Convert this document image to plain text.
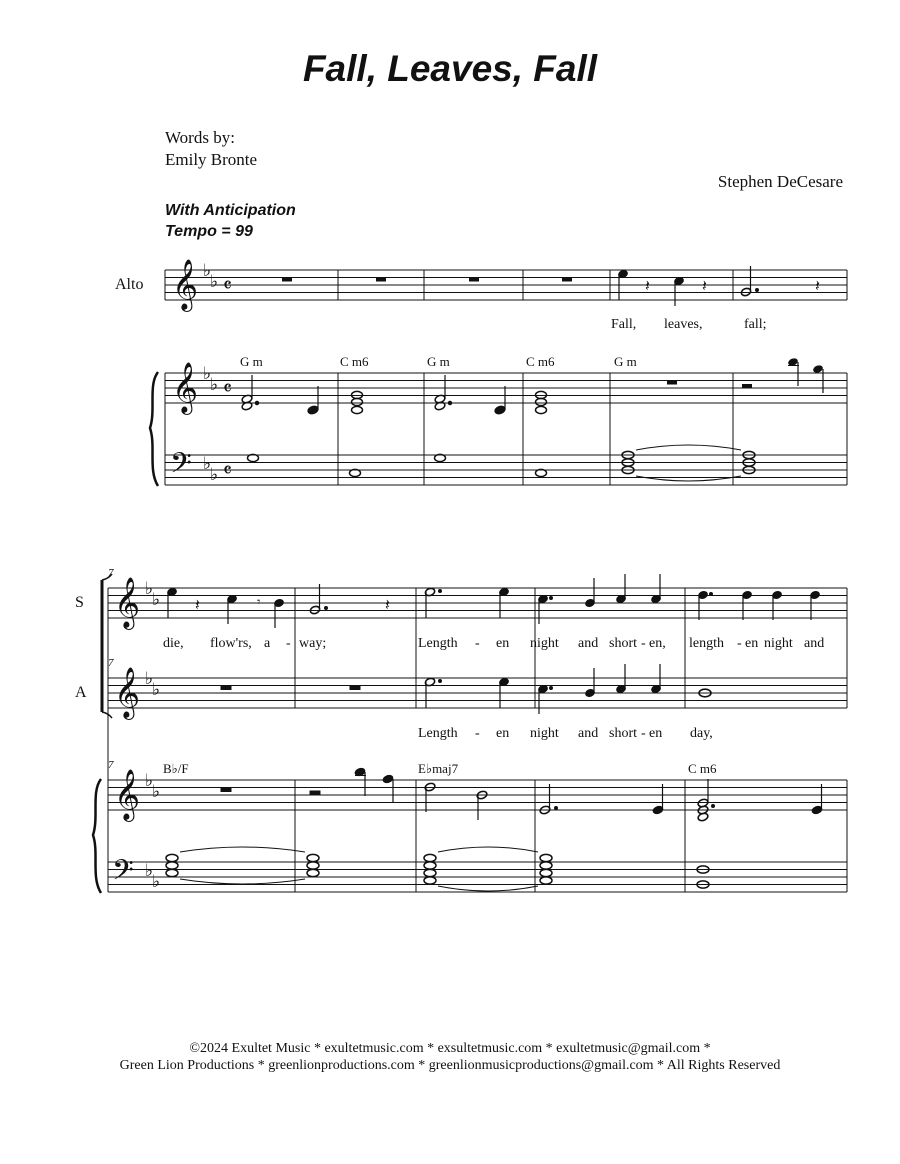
Fall, Leaves, Fall
Words by:
Emily Bronte
Stephen DeCesare
With Anticipation
Tempo = 99
𝄞
𝄞
𝄢
♭
♭
♭
♭
♭
♭
𝄴
𝄴
𝄴
𝄽	𝄽	𝄽
Alto
Fall, leaves,	fall;
G m	C m6	G m	C m6	G m
7
7
7
S
A
𝄞
𝄞
𝄞
𝄢
♭
♭
♭
♭
♭
♭
♭
♭
𝄽	𝄾	𝄽
die, flow'rs, a - way;	Length - en night and short - en, length - en night and
Length - en night and short - en day,
B♭/F	E♭maj7	C m6
©2024 Exultet Music * exultetmusic.com * exsultetmusic.com * exultetmusic@gmail.com *
Green Lion Productions * greenlionproductions.com * greenlionmusicproductions@gmail.com * All Rights Reserved
